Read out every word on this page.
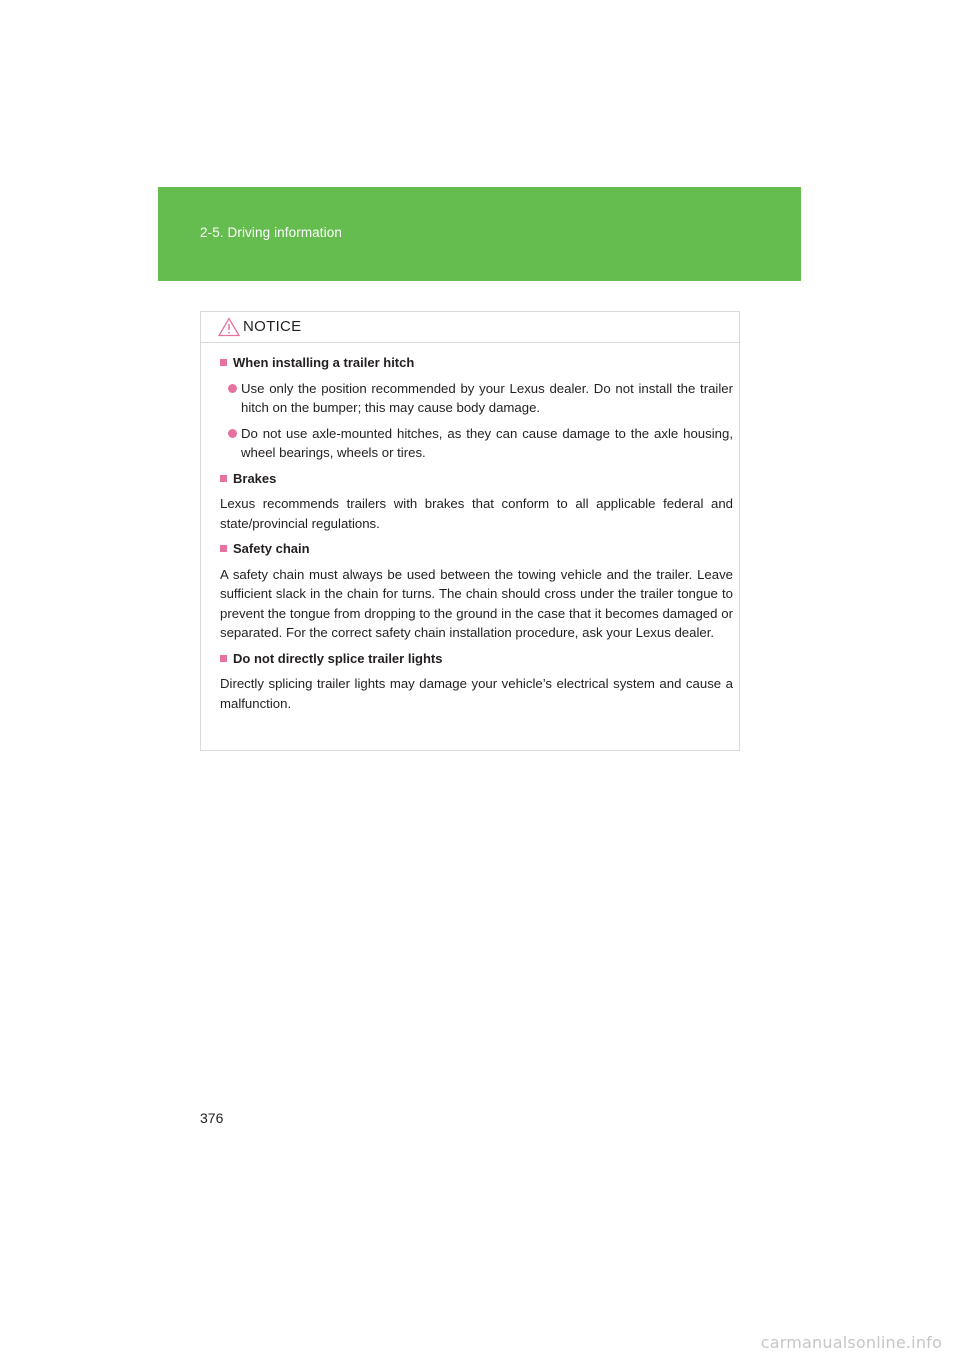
2-5. Driving information
NOTICE
When installing a trailer hitch
Use only the position recommended by your Lexus dealer. Do not install the trailer hitch on the bumper; this may cause body damage.
Do not use axle-mounted hitches, as they can cause damage to the axle housing, wheel bearings, wheels or tires.
Brakes

Lexus recommends trailers with brakes that conform to all applicable federal and state/provincial regulations.

Safety chain

A safety chain must always be used between the towing vehicle and the trailer. Leave sufficient slack in the chain for turns. The chain should cross under the trailer tongue to prevent the tongue from dropping to the ground in the case that it becomes damaged or separated. For the correct safety chain installation procedure, ask your Lexus dealer.

Do not directly splice trailer lights

Directly splicing trailer lights may damage your vehicle’s electrical system and cause a malfunction.

376
carmanualsonline.info
